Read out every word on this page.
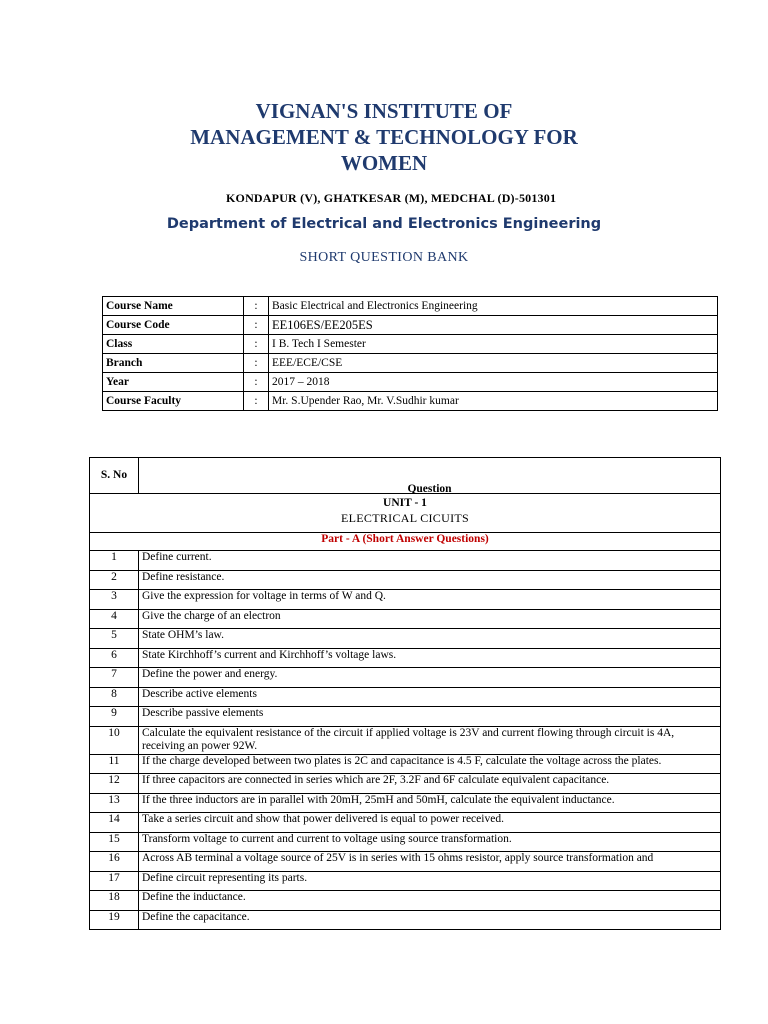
VIGNAN'S INSTITUTE OF
MANAGEMENT & TECHNOLOGY FOR
WOMEN
KONDAPUR (V), GHATKESAR (M), MEDCHAL (D)-501301
Department of Electrical and Electronics Engineering
SHORT QUESTION BANK
Course Name	:	Basic Electrical and Electronics Engineering
Course Code	:	EE106ES/EE205ES
Class	:	I B. Tech I Semester
Branch	:	EEE/ECE/CSE
Year	:	2017 – 2018
Course Faculty	:	Mr. S.Upender Rao, Mr. V.Sudhir kumar
S. No	Question

UNIT - 1
ELECTRICAL CICUITS	

Part - A (Short Answer Questions)	
1	Define current.
2	Define resistance.
3	Give the expression for voltage in terms of W and Q.
4	Give the charge of an electron
5	State OHM’s law.
6	State Kirchhoff’s current and Kirchhoff’s voltage laws.
7	Define the power and energy.
8	Describe active elements
9	Describe passive elements
10	Calculate the equivalent resistance of the circuit if applied voltage is 23V and current flowing through circuit is 4A, receiving an power 92W.
11	If the charge developed between two plates is 2C and capacitance is 4.5 F, calculate the voltage across the plates.
12	If three capacitors are connected in series which are 2F, 3.2F and 6F calculate equivalent capacitance.
13	If the three inductors are in parallel with 20mH, 25mH and 50mH, calculate the equivalent inductance.
14	Take a series circuit and show that power delivered is equal to power received.
15	Transform voltage to current and current to voltage using source transformation.
16	Across AB terminal a voltage source of 25V is in series with 15 ohms resistor, apply source transformation and

17	Define circuit representing its parts.
18	Define the inductance.
19	Define the capacitance.
